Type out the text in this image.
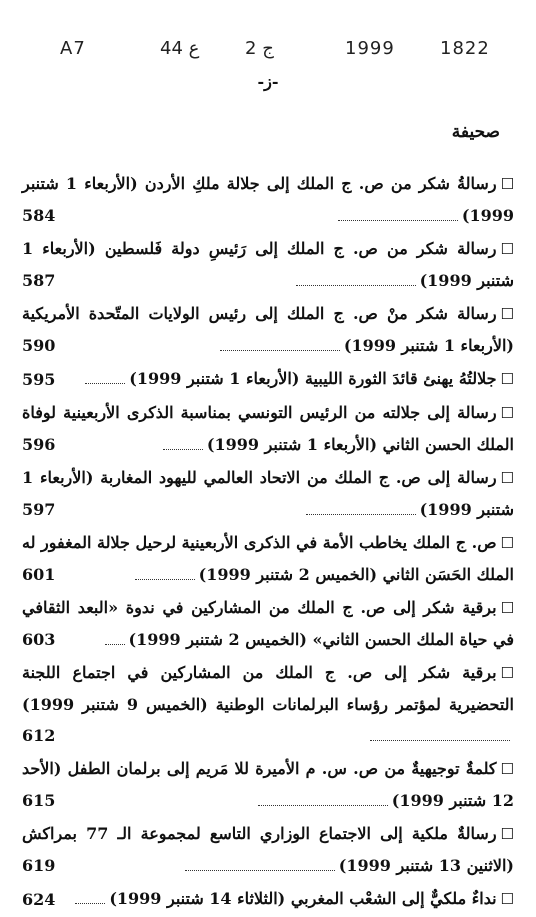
A7	44 ع	2 ج	1999	1822
-ز-
صحيفة
☐رسالةُ شكر من ص. ج الملك إلى جلالة ملكِ الأردن (الأربعاء 1 شتنبر 1999)
584
☐رسالة شكر من ص. ج الملك إلى رَئيسِ دولة فَلسطين (الأربعاء 1 شتنبر 1999)
587
☐رسالة شكر منْ ص. ج الملك إلى رئيس الولايات المتّحدة الأمريكية (الأربعاء 1 شتنبر 1999)
590
☐جلالتُهُ يهنئ قائدَ الثورة الليبية (الأربعاء 1 شتنبر 1999)
595
☐رسالة إلى جلالته من الرئيس التونسي بمناسبة الذكرى الأربعينية لوفاة الملك الحسن الثاني (الأربعاء 1 شتنبر 1999)
596
☐رسالة إلى ص. ج الملك من الاتحاد العالمي لليهود المغاربة (الأربعاء 1 شتنبر 1999)
597
☐ص. ج الملك يخاطب الأمة في الذكرى الأربعينية لرحيل جلالة المغفور له الملك الحَسَن الثاني (الخميس 2 شتنبر 1999)
601
☐برقية شكر إلى ص. ج الملك من المشاركين في ندوة «البعد الثقافي في حياة الملك الحسن الثاني» (الخميس 2 شتنبر 1999)
603
☐برقية شكر إلى ص. ج الملك من المشاركين في اجتماع اللجنة التحضيرية لمؤتمر رؤساء البرلمانات الوطنية (الخميس 9 شتنبر 1999)
612
☐كلمةٌ توجيهيةٌ من ص. س. م الأميرة للا مَريم إلى برلمان الطفل (الأحد 12 شتنبر 1999)
615
☐رسالةٌ ملكية إلى الاجتماع الوزاري التاسع لمجموعة الـ 77 بمراكش (الاثنين 13 شتنبر 1999)
619
☐نداءٌ ملكيٌّ إلى الشعْب المغربي (الثلاثاء 14 شتنبر 1999)
624
